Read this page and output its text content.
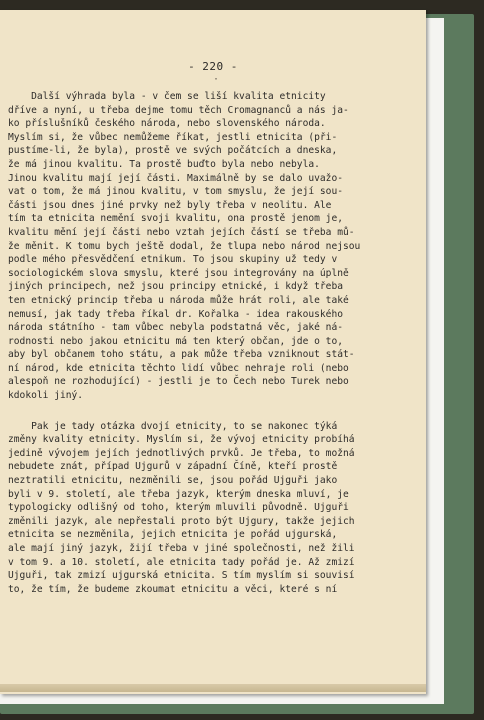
- 220 -
·
Další výhrada byla - v čem se liší kvalita etnicity
dříve a nyní, u třeba dejme tomu těch Cromagnanců a nás ja-
ko příslušníků českého národa, nebo slovenského národa.
Myslím si, že vůbec nemůžeme říkat, jestli etnicita (při-
pustíme-li, že byla), prostě ve svých počátcích a dneska,
že má jinou kvalitu. Ta prostě buďto byla nebo nebyla.
Jinou kvalitu mají její části. Maximálně by se dalo uvažo-
vat o tom, že má jinou kvalitu, v tom smyslu, že její sou-
části jsou dnes jiné prvky než byly třeba v neolitu. Ale
tím ta etnicita nemění svoji kvalitu, ona prostě jenom je,
kvalitu mění její části nebo vztah jejích částí se třeba mů-
že měnit. K tomu bych ještě dodal, že tlupa nebo národ nejsou
podle mého přesvědčení etnikum. To jsou skupiny už tedy v
sociologickém slova smyslu, které jsou integrovány na úplně
jiných principech, než jsou principy etnické, i když třeba
ten etnický princip třeba u národa může hrát roli, ale také
nemusí, jak tady třeba říkal dr. Kořalka - idea rakouského
národa státního - tam vůbec nebyla podstatná věc, jaké ná-
rodnosti nebo jakou etnicitu má ten který občan, jde o to,
aby byl občanem toho státu, a pak může třeba vzniknout stát-
ní národ, kde etnicita těchto lidí vůbec nehraje roli (nebo
alespoň ne rozhodující) - jestli je to Čech nebo Turek nebo
kdokoli jiný.
Pak je tady otázka dvojí etnicity, to se nakonec týká
změny kvality etnicity. Myslím si, že vývoj etnicity probíhá
jedině vývojem jejích jednotlivých prvků. Je třeba, to možná
nebudete znát, případ Ujgurů v západní Číně, kteří prostě
neztratili etnicitu, nezměnili se, jsou pořád Ujguři jako
byli v 9. století, ale třeba jazyk, kterým dneska mluví, je
typologicky odlišný od toho, kterým mluvili původně. Ujguři
změnili jazyk, ale nepřestali proto být Ujgury, takže jejich
etnicita se nezměnila, jejich etnicita je pořád ujgurská,
ale mají jiný jazyk, žijí třeba v jiné společnosti, než žili
v tom 9. a 10. století, ale etnicita tady pořád je. Až zmizí
Ujguři, tak zmizí ujgurská etnicita. S tím myslím si souvisí
to, že tím, že budeme zkoumat etnicitu a věci, které s ní
